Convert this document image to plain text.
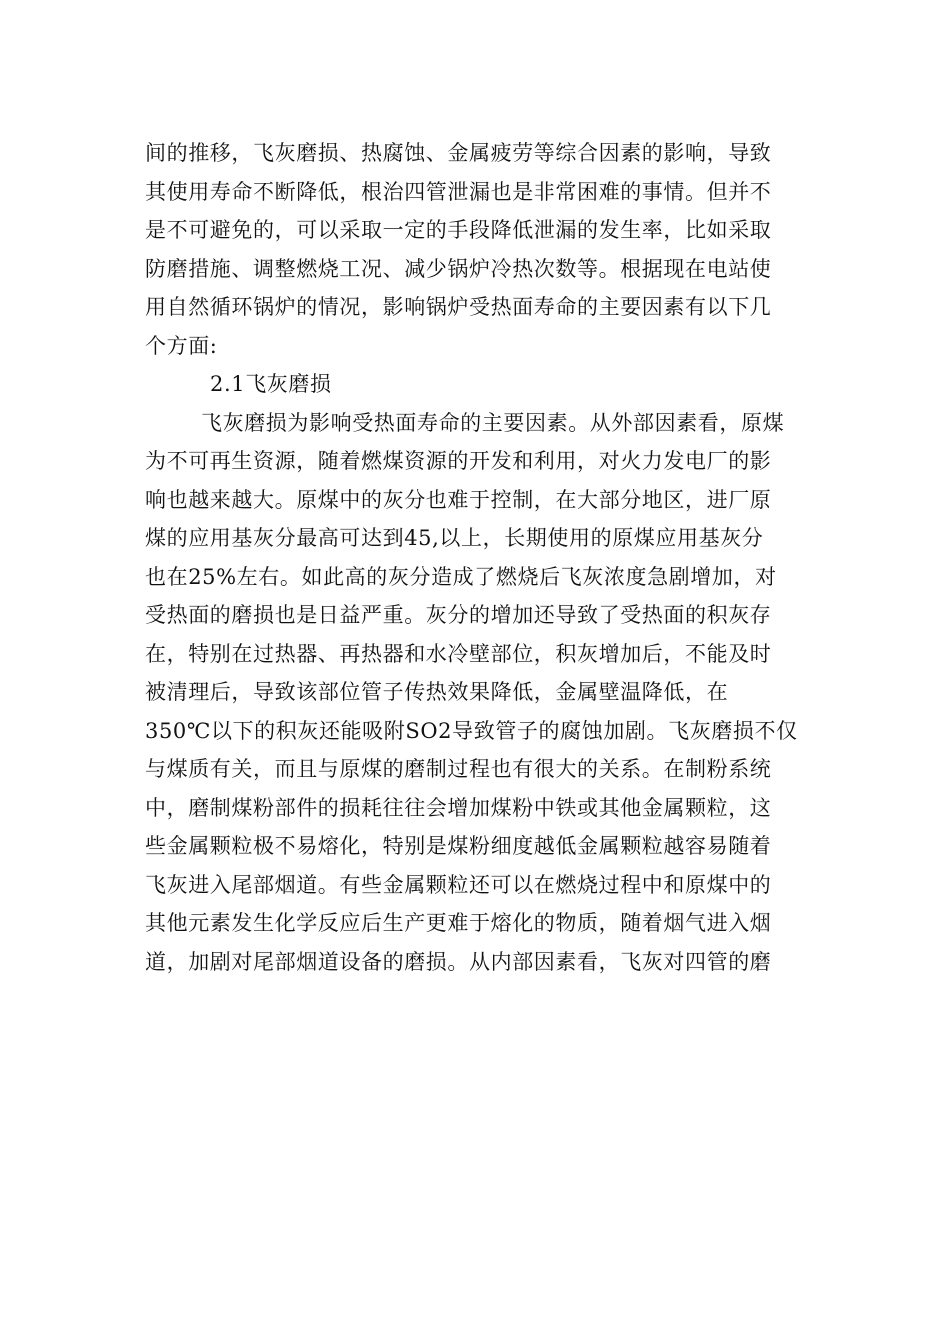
间的推移，飞灰磨损、热腐蚀、金属疲劳等综合因素的影响，导致
其使用寿命不断降低，根治四管泄漏也是非常困难的事情。但并不
是不可避免的，可以采取一定的手段降低泄漏的发生率，比如采取
防磨措施、调整燃烧工况、减少锅炉冷热次数等。根据现在电站使
用自然循环锅炉的情况，影响锅炉受热面寿命的主要因素有以下几
个方面:
2.1飞灰磨损
飞灰磨损为影响受热面寿命的主要因素。从外部因素看，原煤
为不可再生资源，随着燃煤资源的开发和利用，对火力发电厂的影
响也越来越大。原煤中的灰分也难于控制，在大部分地区，进厂原
煤的应用基灰分最高可达到45,以上，长期使用的原煤应用基灰分
也在25%左右。如此高的灰分造成了燃烧后飞灰浓度急剧增加，对
受热面的磨损也是日益严重。灰分的增加还导致了受热面的积灰存
在，特别在过热器、再热器和水冷壁部位，积灰增加后，不能及时
被清理后，导致该部位管子传热效果降低，金属壁温降低，在
350℃以下的积灰还能吸附SO2导致管子的腐蚀加剧。飞灰磨损不仅
与煤质有关，而且与原煤的磨制过程也有很大的关系。在制粉系统
中，磨制煤粉部件的损耗往往会增加煤粉中铁或其他金属颗粒，这
些金属颗粒极不易熔化，特别是煤粉细度越低金属颗粒越容易随着
飞灰进入尾部烟道。有些金属颗粒还可以在燃烧过程中和原煤中的
其他元素发生化学反应后生产更难于熔化的物质，随着烟气进入烟
道，加剧对尾部烟道设备的磨损。从内部因素看，飞灰对四管的磨
